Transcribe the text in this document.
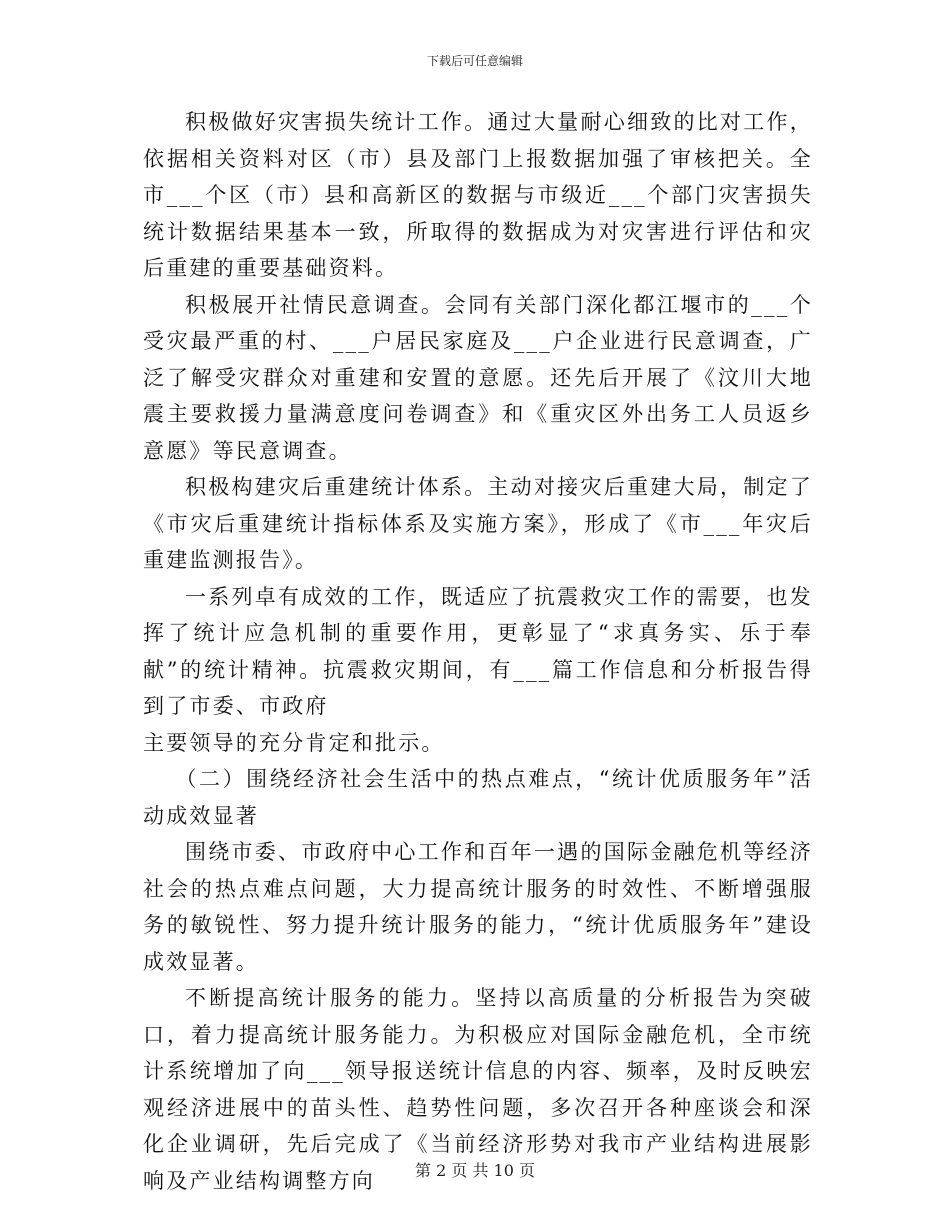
下载后可任意编辑

积极做好灾害损失统计工作。通过大量耐心细致的比对工作，依据相关资料对区（市）县及部门上报数据加强了审核把关。全市___个区（市）县和高新区的数据与市级近___个部门灾害损失统计数据结果基本一致，所取得的数据成为对灾害进行评估和灾后重建的重要基础资料。

积极展开社情民意调查。会同有关部门深化都江堰市的___个受灾最严重的村、___户居民家庭及___户企业进行民意调查，广泛了解受灾群众对重建和安置的意愿。还先后开展了《汶川大地震主要救援力量满意度问卷调查》和《重灾区外出务工人员返乡意愿》等民意调查。

积极构建灾后重建统计体系。主动对接灾后重建大局，制定了《市灾后重建统计指标体系及实施方案》，形成了《市___年灾后重建监测报告》。

一系列卓有成效的工作，既适应了抗震救灾工作的需要，也发挥了统计应急机制的重要作用，更彰显了“求真务实、乐于奉献”的统计精神。抗震救灾期间，有___篇工作信息和分析报告得到了市委、市政府

主要领导的充分肯定和批示。

（二）围绕经济社会生活中的热点难点，“统计优质服务年”活动成效显著

围绕市委、市政府中心工作和百年一遇的国际金融危机等经济社会的热点难点问题，大力提高统计服务的时效性、不断增强服务的敏锐性、努力提升统计服务的能力，“统计优质服务年”建设成效显著。

不断提高统计服务的能力。坚持以高质量的分析报告为突破口，着力提高统计服务能力。为积极应对国际金融危机，全市统计系统增加了向___领导报送统计信息的内容、频率，及时反映宏观经济进展中的苗头性、趋势性问题，多次召开各种座谈会和深化企业调研，先后完成了《当前经济形势对我市产业结构进展影响及产业结构调整方向	第 2 页 共 10 页
